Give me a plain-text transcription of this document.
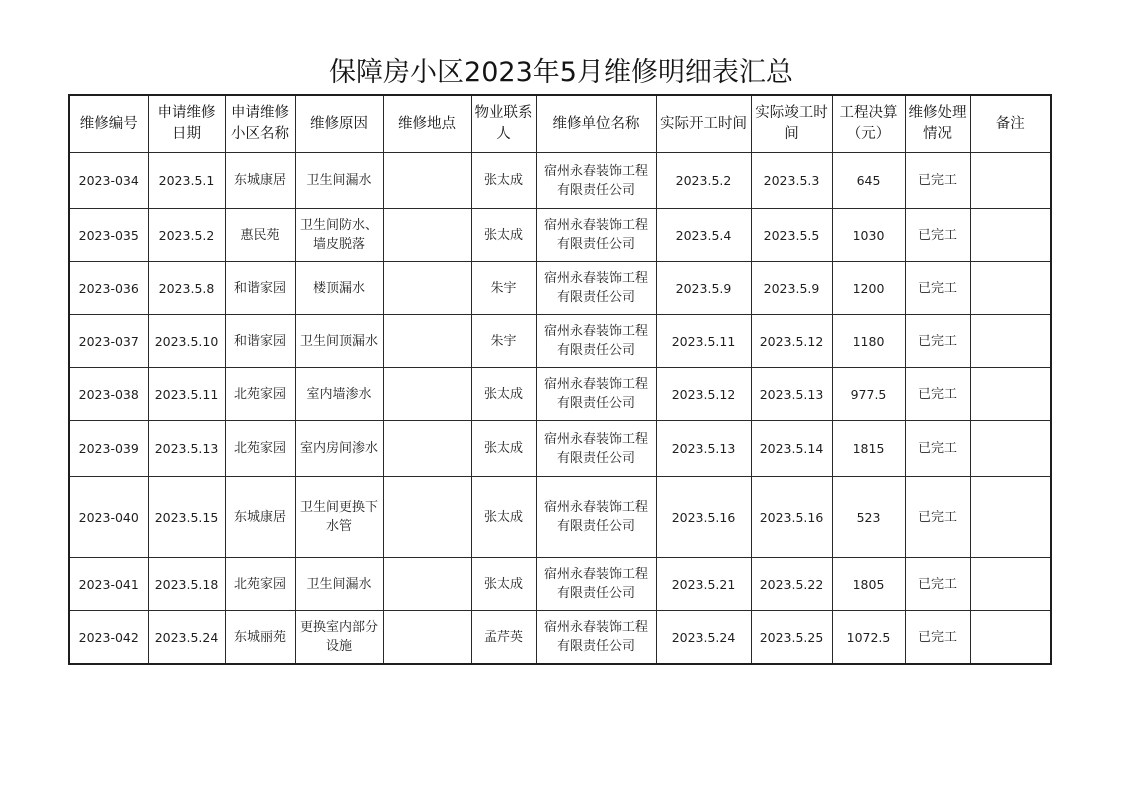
保障房小区2023年5月维修明细表汇总
维修编号	申请维修日期	申请维修小区名称	维修原因	维修地点	物业联系人	维修单位名称	实际开工时间	实际竣工时间	工程决算（元）	维修处理情况	备注
2023-034	2023.5.1	东城康居	卫生间漏水		张太成	宿州永春装饰工程有限责任公司	2023.5.2	2023.5.3	645	已完工	
2023-035	2023.5.2	惠民苑	卫生间防水、墙皮脱落		张太成	宿州永春装饰工程有限责任公司	2023.5.4	2023.5.5	1030	已完工	
2023-036	2023.5.8	和谐家园	楼顶漏水		朱宇	宿州永春装饰工程有限责任公司	2023.5.9	2023.5.9	1200	已完工	
2023-037	2023.5.10	和谐家园	卫生间顶漏水		朱宇	宿州永春装饰工程有限责任公司	2023.5.11	2023.5.12	1180	已完工	
2023-038	2023.5.11	北苑家园	室内墙渗水		张太成	宿州永春装饰工程有限责任公司	2023.5.12	2023.5.13	977.5	已完工	
2023-039	2023.5.13	北苑家园	室内房间渗水		张太成	宿州永春装饰工程有限责任公司	2023.5.13	2023.5.14	1815	已完工	
2023-040	2023.5.15	东城康居	卫生间更换下水管		张太成	宿州永春装饰工程有限责任公司	2023.5.16	2023.5.16	523	已完工	
2023-041	2023.5.18	北苑家园	卫生间漏水		张太成	宿州永春装饰工程有限责任公司	2023.5.21	2023.5.22	1805	已完工	
2023-042	2023.5.24	东城丽苑	更换室内部分设施		孟芹英	宿州永春装饰工程有限责任公司	2023.5.24	2023.5.25	1072.5	已完工	
